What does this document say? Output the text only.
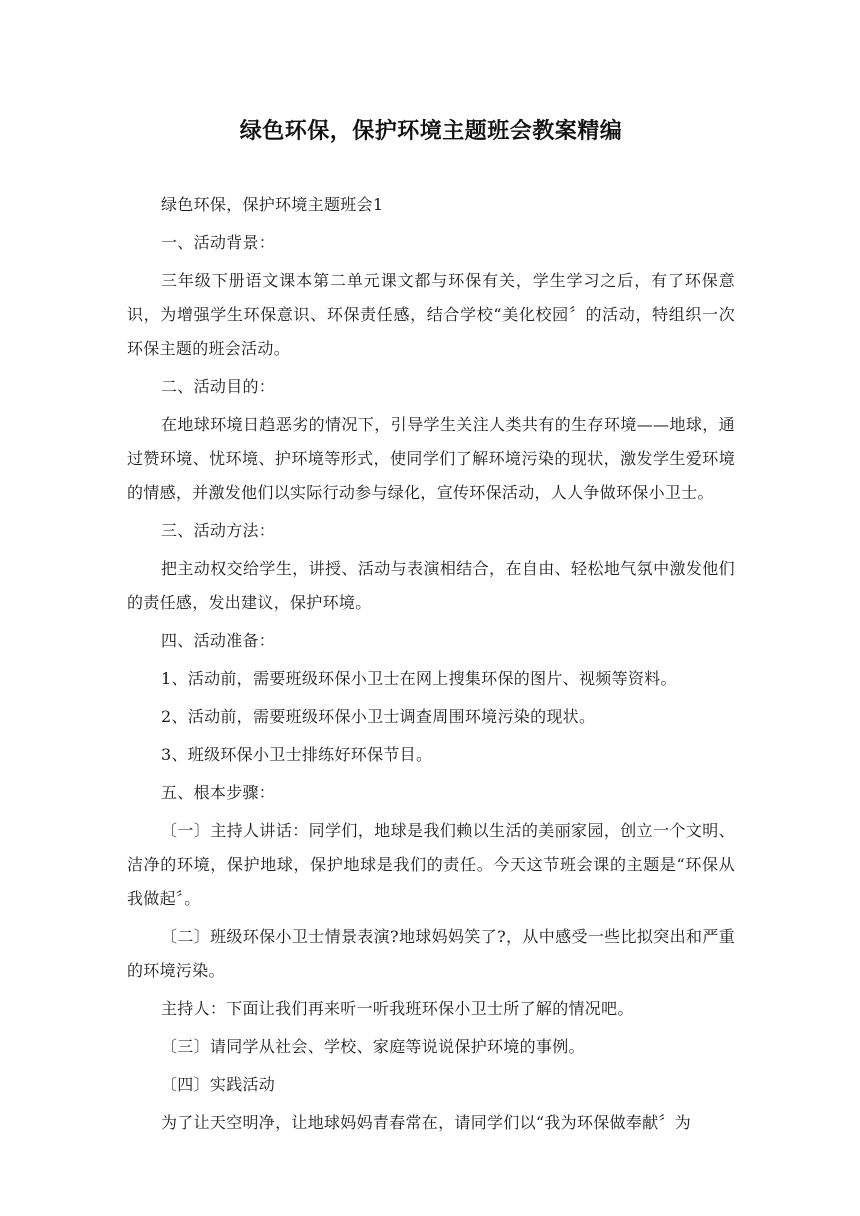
绿色环保，保护环境主题班会教案精编

绿色环保，保护环境主题班会1

一、活动背景：

三年级下册语文课本第二单元课文都与环保有关，学生学习之后，有了环保意识，为增强学生环保意识、环保责任感，结合学校“美化校园〞的活动，特组织一次环保主题的班会活动。

二、活动目的：

在地球环境日趋恶劣的情况下，引导学生关注人类共有的生存环境——地球，通过赞环境、忧环境、护环境等形式，使同学们了解环境污染的现状，激发学生爱环境的情感，并激发他们以实际行动参与绿化，宣传环保活动，人人争做环保小卫士。

三、活动方法：

把主动权交给学生，讲授、活动与表演相结合，在自由、轻松地气氛中激发他们的责任感，发出建议，保护环境。

四、活动准备：

1、活动前，需要班级环保小卫士在网上搜集环保的图片、视频等资料。

2、活动前，需要班级环保小卫士调查周围环境污染的现状。

3、班级环保小卫士排练好环保节目。

五、根本步骤：

〔一〕主持人讲话：同学们，地球是我们赖以生活的美丽家园，创立一个文明、洁净的环境，保护地球，保护地球是我们的责任。今天这节班会课的主题是“环保从我做起〞。

〔二〕班级环保小卫士情景表演?地球妈妈笑了?，从中感受一些比拟突出和严重的环境污染。

主持人：下面让我们再来听一听我班环保小卫士所了解的情况吧。

〔三〕请同学从社会、学校、家庭等说说保护环境的事例。

〔四〕实践活动

为了让天空明净，让地球妈妈青春常在，请同学们以“我为环保做奉献〞为
